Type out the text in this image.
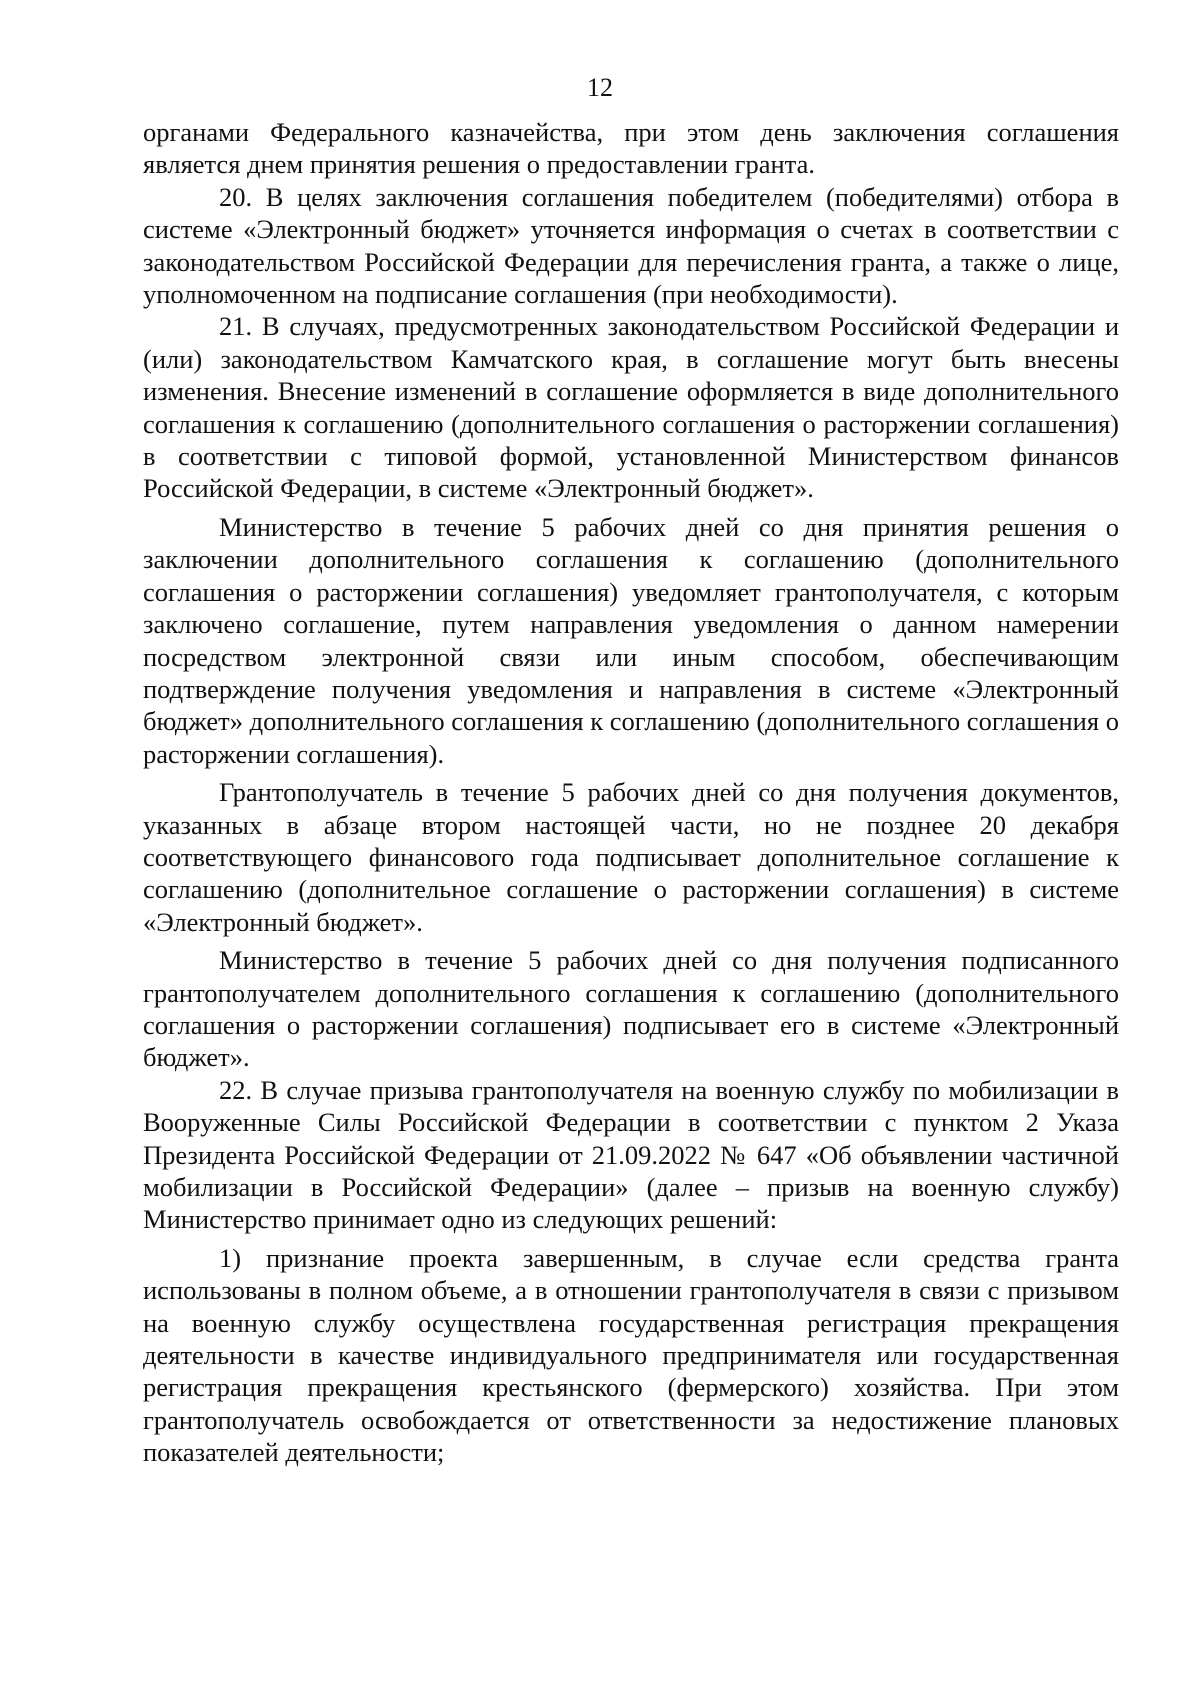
12

органами Федерального казначейства, при этом день заключения соглашения является днем принятия решения о предоставлении гранта.

20. В целях заключения соглашения победителем (победителями) отбора в системе «Электронный бюджет» уточняется информация о счетах в соответствии с законодательством Российской Федерации для перечисления гранта, а также о лице, уполномоченном на подписание соглашения (при необходимости).

21. В случаях, предусмотренных законодательством Российской Федерации и (или) законодательством Камчатского края, в соглашение могут быть внесены изменения. Внесение изменений в соглашение оформляется в виде дополнительного соглашения к соглашению (дополнительного соглашения о расторжении соглашения) в соответствии с типовой формой, установленной Министерством финансов Российской Федерации, в системе «Электронный бюджет».

Министерство в течение 5 рабочих дней со дня принятия решения о заключении дополнительного соглашения к соглашению (дополнительного соглашения о расторжении соглашения) уведомляет грантополучателя, с которым заключено соглашение, путем направления уведомления о данном намерении посредством электронной связи или иным способом, обеспечивающим подтверждение получения уведомления и направления в системе «Электронный бюджет» дополнительного соглашения к соглашению (дополнительного соглашения о расторжении соглашения).

Грантополучатель в течение 5 рабочих дней со дня получения документов, указанных в абзаце втором настоящей части, но не позднее 20 декабря соответствующего финансового года подписывает дополнительное соглашение к соглашению (дополнительное соглашение о расторжении соглашения) в системе «Электронный бюджет».

Министерство в течение 5 рабочих дней со дня получения подписанного грантополучателем дополнительного соглашения к соглашению (дополнительного соглашения о расторжении соглашения) подписывает его в системе «Электронный бюджет».

22. В случае призыва грантополучателя на военную службу по мобилизации в Вооруженные Силы Российской Федерации в соответствии с пунктом 2 Указа Президента Российской Федерации от 21.09.2022 № 647 «Об объявлении частичной мобилизации в Российской Федерации» (далее – призыв на военную службу) Министерство принимает одно из следующих решений:

1) признание проекта завершенным, в случае если средства гранта использованы в полном объеме, а в отношении грантополучателя в связи с призывом на военную службу осуществлена государственная регистрация прекращения деятельности в качестве индивидуального предпринимателя или государственная регистрация прекращения крестьянского (фермерского) хозяйства. При этом грантополучатель освобождается от ответственности за недостижение плановых показателей деятельности;
